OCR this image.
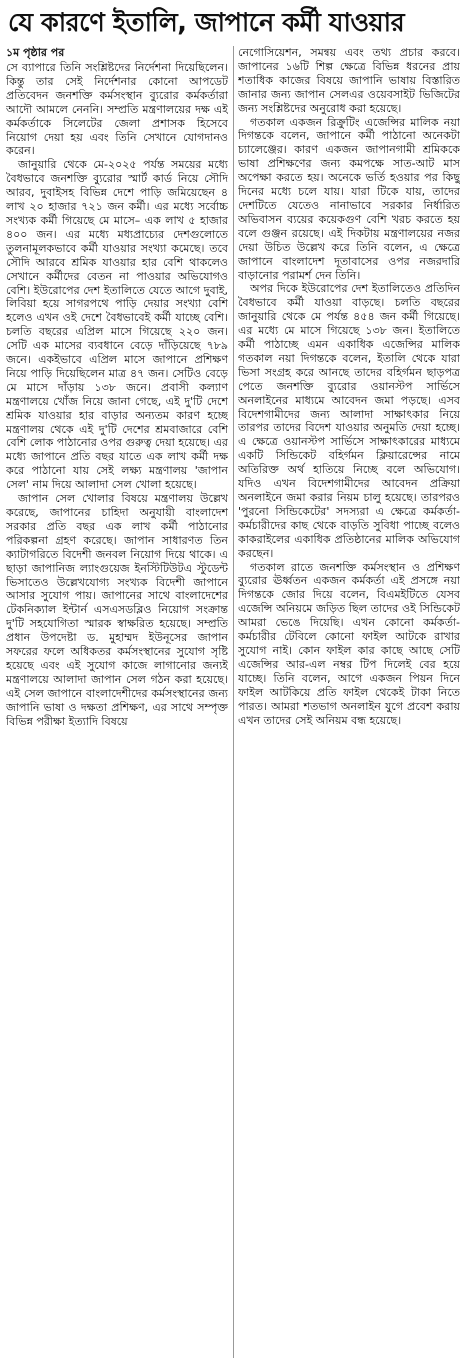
যে কারণে ইতালি, জাপানে কর্মী যাওয়ার
১ম পৃষ্ঠার পর

সে ব্যাপারে তিনি সংশ্লিষ্টদের নির্দেশনা দিয়েছিলেন। কিন্তু তার সেই নির্দেশনার কোনো আপডেট প্রতিবেদন জনশক্তি কর্মসংস্থান ব্যুরোর কর্মকর্তারা আদৌ আমলে নেননি। সম্প্রতি মন্ত্রণালয়ের দক্ষ এই কর্মকর্তাকে সিলেটের জেলা প্রশাসক হিসেবে নিয়োগ দেয়া হয় এবং তিনি সেখানে যোগদানও করেন।

জানুয়ারি থেকে মে-২০২৫ পর্যন্ত সময়ের মধ্যে বৈধভাবে জনশক্তি ব্যুরোর স্মার্ট কার্ড নিয়ে সৌদি আরব, দুবাইসহ বিভিন্ন দেশে পাড়ি জমিয়েছেন ৪ লাখ ২০ হাজার ৭২১ জন কর্মী। এর মধ্যে সর্বোচ্চ সংখ্যক কর্মী গিয়েছে মে মাসে– এক লাখ ৫ হাজার ৪০০ জন। এর মধ্যে মধ্যপ্রাচ্যের দেশগুলোতে তুলনামূলকভাবে কর্মী যাওয়ার সংখ্যা কমেছে। তবে সৌদি আরবে শ্রমিক যাওয়ার হার বেশি থাকলেও সেখানে কর্মীদের বেতন না পাওয়ার অভিযোগও বেশি। ইউরোপের দেশ ইতালিতে যেতে আগে দুবাই, লিবিয়া হয়ে সাগরপথে পাড়ি দেয়ার সংখ্যা বেশি হলেও এখন ওই দেশে বৈধভাবেই কর্মী যাচ্ছে বেশি। চলতি বছরের এপ্রিল মাসে গিয়েছে ২২০ জন। সেটি এক মাসের ব্যবধানে বেড়ে দাঁড়িয়েছে ৭৮৯ জনে। একইভাবে এপ্রিল মাসে জাপানে প্রশিক্ষণ নিয়ে পাড়ি দিয়েছিলেন মাত্র ৪৭ জন। সেটিও বেড়ে মে মাসে দাঁড়ায় ১৩৮ জনে। প্রবাসী কল্যাণ মন্ত্রণালয়ে খোঁজ নিয়ে জানা গেছে, এই দু'টি দেশে শ্রমিক যাওয়ার হার বাড়ার অন্যতম কারণ হচ্ছে মন্ত্রণালয় থেকে এই দু'টি দেশের শ্রমবাজারে বেশি বেশি লোক পাঠানোর ওপর গুরুত্ব দেয়া হয়েছে। এর মধ্যে জাপানে প্রতি বছর যাতে এক লাখ কর্মী দক্ষ করে পাঠানো যায় সেই লক্ষ্য মন্ত্রণালয় 'জাপান সেল' নাম দিয়ে আলাদা সেল খোলা হয়েছে।

জাপান সেল খোলার বিষয়ে মন্ত্রণালয় উল্লেখ করেছে, জাপানের চাহিদা অনুযায়ী বাংলাদেশ সরকার প্রতি বছর এক লাখ কর্মী পাঠানোর পরিকল্পনা গ্রহণ করেছে। জাপান সাধারণত তিন ক্যাটাগরিতে বিদেশী জনবল নিয়োগ দিয়ে থাকে। এ ছাড়া জাপানিজ ল্যাংগুয়েজ ইনস্টিটিউটএ স্টুডেন্ট ভিসাতেও উল্লেখযোগ্য সংখ্যক বিদেশী জাপানে আসার সুযোগ পায়। জাপানের সাথে বাংলাদেশের টেকনিক্যাল ইন্টার্ন এসএসডব্লিও নিয়োগ সংক্রান্ত দু'টি সহযোগিতা স্মারক স্বাক্ষরিত হয়েছে। সম্প্রতি প্রধান উপদেষ্টা ড. মুহাম্মদ ইউনূসের জাপান সফরের ফলে অধিকতর কর্মসংস্থানের সুযোগ সৃষ্টি হয়েছে এবং এই সুযোগ কাজে লাগানোর জন্যই মন্ত্রণালয়ে আলাদা জাপান সেল গঠন করা হয়েছে। এই সেল জাপানে বাংলাদেশীদের কর্মসংস্থানের জন্য জাপানি ভাষা ও দক্ষতা প্রশিক্ষণ, এর সাথে সম্পৃক্ত বিভিন্ন পরীক্ষা ইত্যাদি বিষয়ে

নেগোসিয়েশন, সমন্বয় এবং তথ্য প্রচার করবে। জাপানের ১৬টি শিল্প ক্ষেত্রে বিভিন্ন ধরনের প্রায় শতাধিক কাজের বিষয়ে জাপানি ভাষায় বিস্তারিত জানার জন্য জাপান সেলএর ওয়েবসাইট ভিজিটের জন্য সংশ্লিষ্টদের অনুরোধ করা হয়েছে।

গতকাল একজন রিক্রুটিং এজেন্সির মালিক নয়া দিগন্তকে বলেন, জাপানে কর্মী পাঠানো অনেকটা চ্যালেঞ্জের। কারণ একজন জাপানগামী শ্রমিককে ভাষা প্রশিক্ষণের জন্য কমপক্ষে সাত-আট মাস অপেক্ষা করতে হয়। অনেকে ভর্তি হওয়ার পর কিছু দিনের মধ্যে চলে যায়। যারা টিকে যায়, তাদের দেশটিতে যেতেও নানাভাবে সরকার নির্ধারিত অভিবাসন ব্যয়ের কয়েকগুণ বেশি খরচ করতে হয় বলে গুঞ্জন রয়েছে। এই দিকটায় মন্ত্রণালয়ের নজর দেয়া উচিত উল্লেখ করে তিনি বলেন, এ ক্ষেত্রে জাপানে বাংলাদেশ দূতাবাসের ওপর নজরদারি বাড়ানোর পরামর্শ দেন তিনি।

অপর দিকে ইউরোপের দেশ ইতালিতেও প্রতিদিন বৈধভাবে কর্মী যাওয়া বাড়ছে। চলতি বছরের জানুয়ারি থেকে মে পর্যন্ত ৪৫৪ জন কর্মী গিয়েছে। এর মধ্যে মে মাসে গিয়েছে ১৩৮ জন। ইতালিতে কর্মী পাঠাচ্ছে এমন একাধিক এজেন্সির মালিক গতকাল নয়া দিগন্তকে বলেন, ইতালি থেকে যারা ভিসা সংগ্রহ করে আনছে তাদের বহির্গমন ছাড়পত্র পেতে জনশক্তি ব্যুরোর ওয়ানস্টপ সার্ভিসে অনলাইনের মাধ্যমে আবেদন জমা পড়ছে। এসব বিদেশগামীদের জন্য আলাদা সাক্ষাৎকার নিয়ে তারপর তাদের বিদেশ যাওয়ার অনুমতি দেয়া হচ্ছে। এ ক্ষেত্রে ওয়ানস্টপ সার্ভিসে সাক্ষাৎকারের মাধ্যমে একটি সিন্ডিকেট বহির্গমন ক্লিয়ারেন্সের নামে অতিরিক্ত অর্থ হাতিয়ে নিচ্ছে বলে অভিযোগ। যদিও এখন বিদেশগামীদের আবেদন প্রক্রিয়া অনলাইনে জমা করার নিয়ম চালু হয়েছে। তারপরও 'পুরনো সিন্ডিকেটের' সদস্যরা এ ক্ষেত্রে কর্মকর্তা-কর্মচারীদের কাছ থেকে বাড়তি সুবিধা পাচ্ছে বলেও কাকরাইলের একাধিক প্রতিষ্ঠানের মালিক অভিযোগ করছেন।

গতকাল রাতে জনশক্তি কর্মসংস্থান ও প্রশিক্ষণ ব্যুরোর ঊর্ধ্বতন একজন কর্মকর্তা এই প্রসঙ্গে নয়া দিগন্তকে জোর দিয়ে বলেন, বিএমইটিতে যেসব এজেন্সি অনিয়মে জড়িত ছিল তাদের ওই সিন্ডিকেট আমরা ভেঙে দিয়েছি। এখন কোনো কর্মকর্তা-কর্মচারীর টেবিলে কোনো ফাইল আটকে রাখার সুযোগ নাই। কোন ফাইল কার কাছে আছে সেটি এজেন্সির আর-এল নম্বর টিপ দিলেই বের হয়ে যাচ্ছে। তিনি বলেন, আগে একজন পিয়ন দিনে ফাইল আটকিয়ে প্রতি ফাইল থেকেই টাকা নিতে পারত। আমরা শতভাগ অনলাইন যুগে প্রবেশ করায় এখন তাদের সেই অনিয়ম বন্ধ হয়েছে।
